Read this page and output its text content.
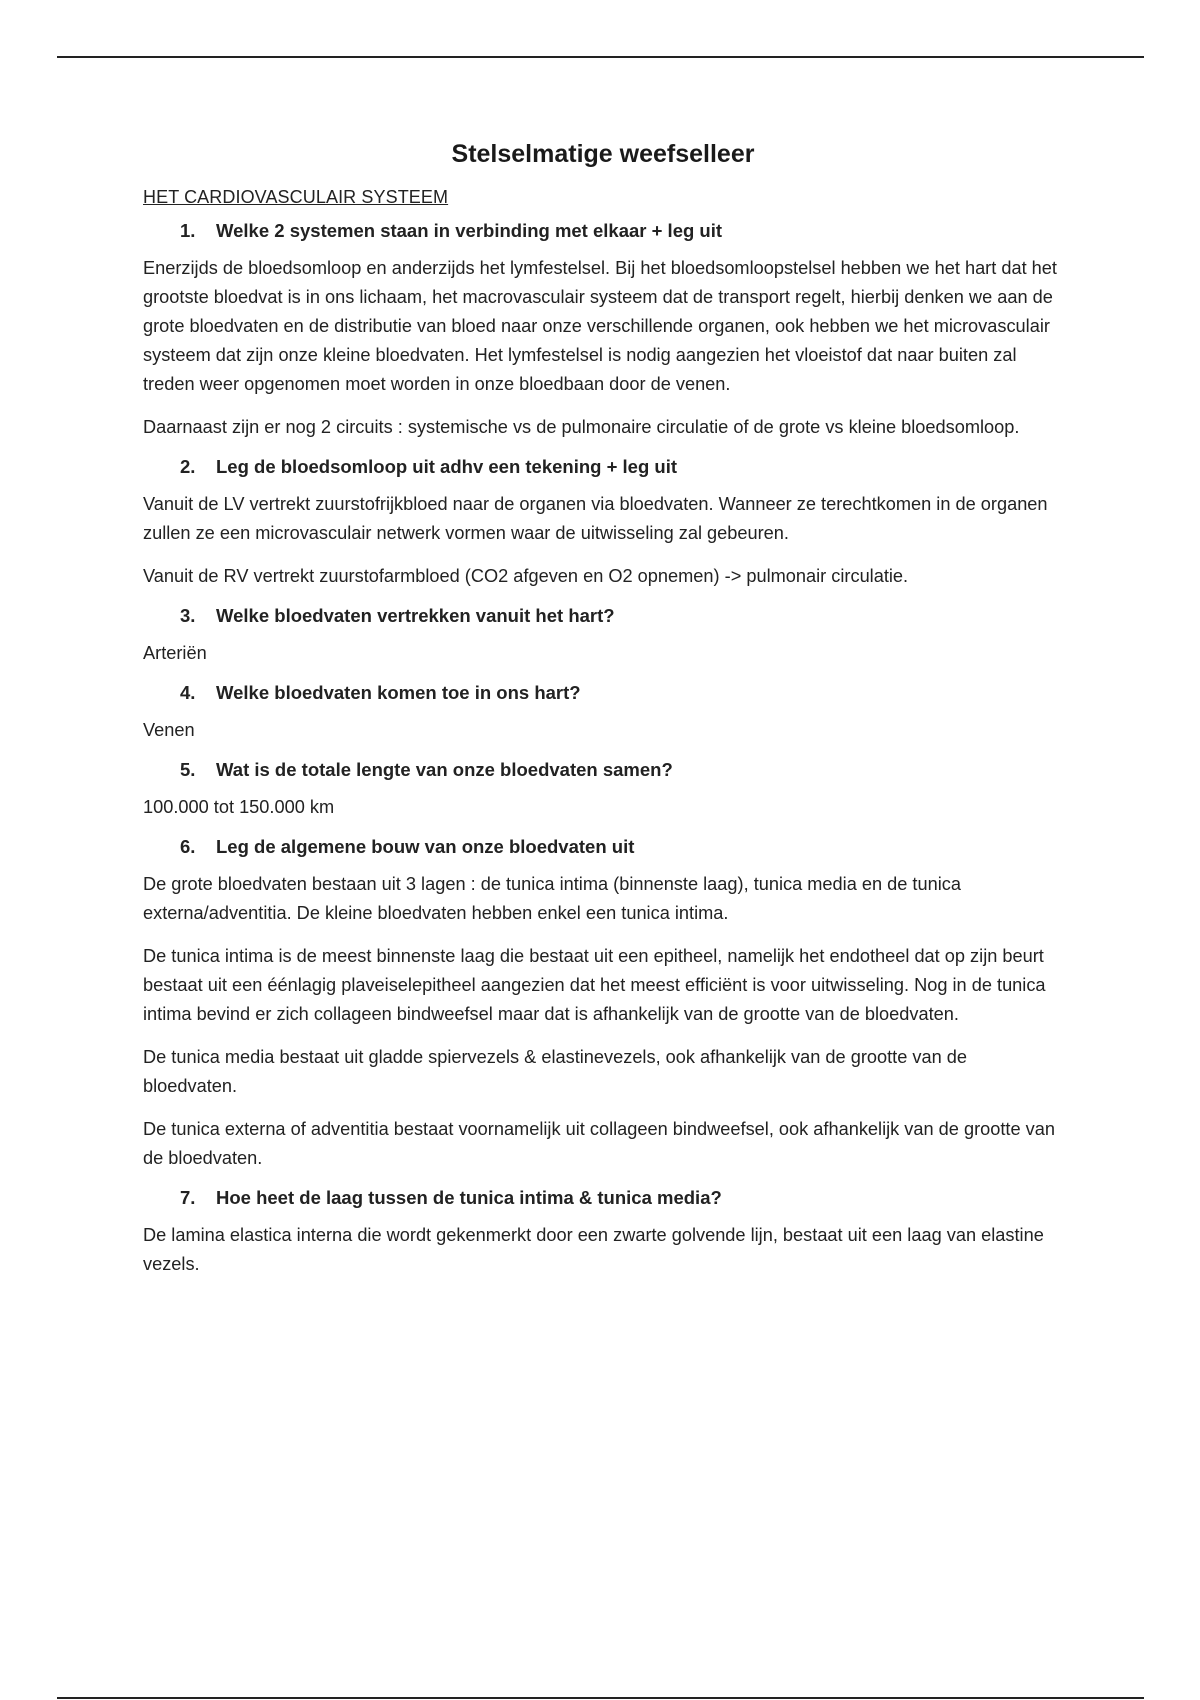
Stelselmatige weefselleer
HET CARDIOVASCULAIR SYSTEEM
1.	Welke 2 systemen staan in verbinding met elkaar + leg uit

Enerzijds de bloedsomloop en anderzijds het lymfestelsel. Bij het bloedsomloopstelsel hebben we het hart dat het grootste bloedvat is in ons lichaam, het macrovasculair systeem dat de transport regelt, hierbij denken we aan de grote bloedvaten en de distributie van bloed naar onze verschillende organen, ook hebben we het microvasculair systeem dat zijn onze kleine bloedvaten. Het lymfestelsel is nodig aangezien het vloeistof dat naar buiten zal treden weer opgenomen moet worden in onze bloedbaan door de venen.

Daarnaast zijn er nog 2 circuits : systemische vs de pulmonaire circulatie of de grote vs kleine bloedsomloop.

2.	Leg de bloedsomloop uit adhv een tekening + leg uit

Vanuit de LV vertrekt zuurstofrijkbloed naar de organen via bloedvaten. Wanneer ze terechtkomen in de organen zullen ze een microvasculair netwerk vormen waar de uitwisseling zal gebeuren.

Vanuit de RV vertrekt zuurstofarmbloed (CO2 afgeven en O2 opnemen) -> pulmonair circulatie.

3.	Welke bloedvaten vertrekken vanuit het hart?

Arteriën

4.	Welke bloedvaten komen toe in ons hart?

Venen

5.	Wat is de totale lengte van onze bloedvaten samen?

100.000 tot 150.000 km

6.	Leg de algemene bouw van onze bloedvaten uit

De grote bloedvaten bestaan uit 3 lagen : de tunica intima (binnenste laag), tunica media en de tunica externa/adventitia. De kleine bloedvaten hebben enkel een tunica intima.

De tunica intima is de meest binnenste laag die bestaat uit een epitheel, namelijk het endotheel dat op zijn beurt bestaat uit een éénlagig plaveiselepitheel aangezien dat het meest efficiënt is voor uitwisseling. Nog in de tunica intima bevind er zich collageen bindweefsel maar dat is afhankelijk van de grootte van de bloedvaten.

De tunica media bestaat uit gladde spiervezels & elastinevezels, ook afhankelijk van de grootte van de bloedvaten.

De tunica externa of adventitia bestaat voornamelijk uit collageen bindweefsel, ook afhankelijk van de grootte van de bloedvaten.

7.	Hoe heet de laag tussen de tunica intima & tunica media?

De lamina elastica interna die wordt gekenmerkt door een zwarte golvende lijn, bestaat uit een laag van elastine vezels.
